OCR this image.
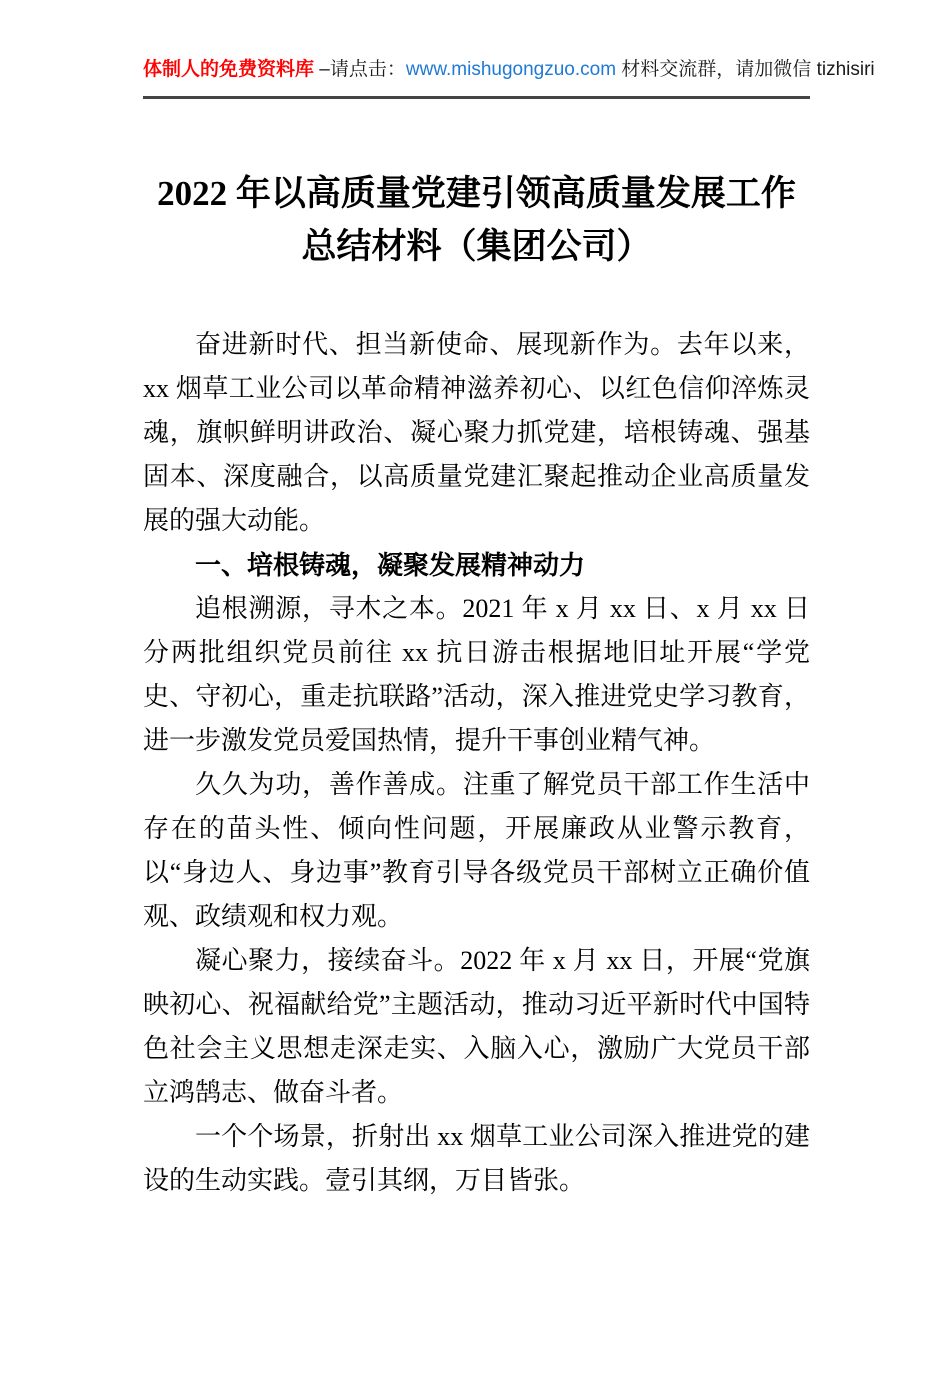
体制人的免费资料库 –请点击：www.mishugongzuo.com 材料交流群，请加微信 tizhisiri
2022 年以高质量党建引领高质量发展工作
总结材料（集团公司）

奋进新时代、担当新使命、展现新作为。去年以来，xx 烟草工业公司以革命精神滋养初心、以红色信仰淬炼灵魂，旗帜鲜明讲政治、凝心聚力抓党建，培根铸魂、强基固本、深度融合，以高质量党建汇聚起推动企业高质量发展的强大动能。

一、培根铸魂，凝聚发展精神动力

追根溯源，寻木之本。2021 年 x 月 xx 日、x 月 xx 日分两批组织党员前往 xx 抗日游击根据地旧址开展“学党史、守初心，重走抗联路”活动，深入推进党史学习教育，进一步激发党员爱国热情，提升干事创业精气神。

久久为功，善作善成。注重了解党员干部工作生活中存在的苗头性、倾向性问题，开展廉政从业警示教育，以“身边人、身边事”教育引导各级党员干部树立正确价值观、政绩观和权力观。

凝心聚力，接续奋斗。2022 年 x 月 xx 日，开展“党旗映初心、祝福献给党”主题活动，推动习近平新时代中国特色社会主义思想走深走实、入脑入心，激励广大党员干部立鸿鹄志、做奋斗者。

一个个场景，折射出 xx 烟草工业公司深入推进党的建设的生动实践。壹引其纲，万目皆张。
